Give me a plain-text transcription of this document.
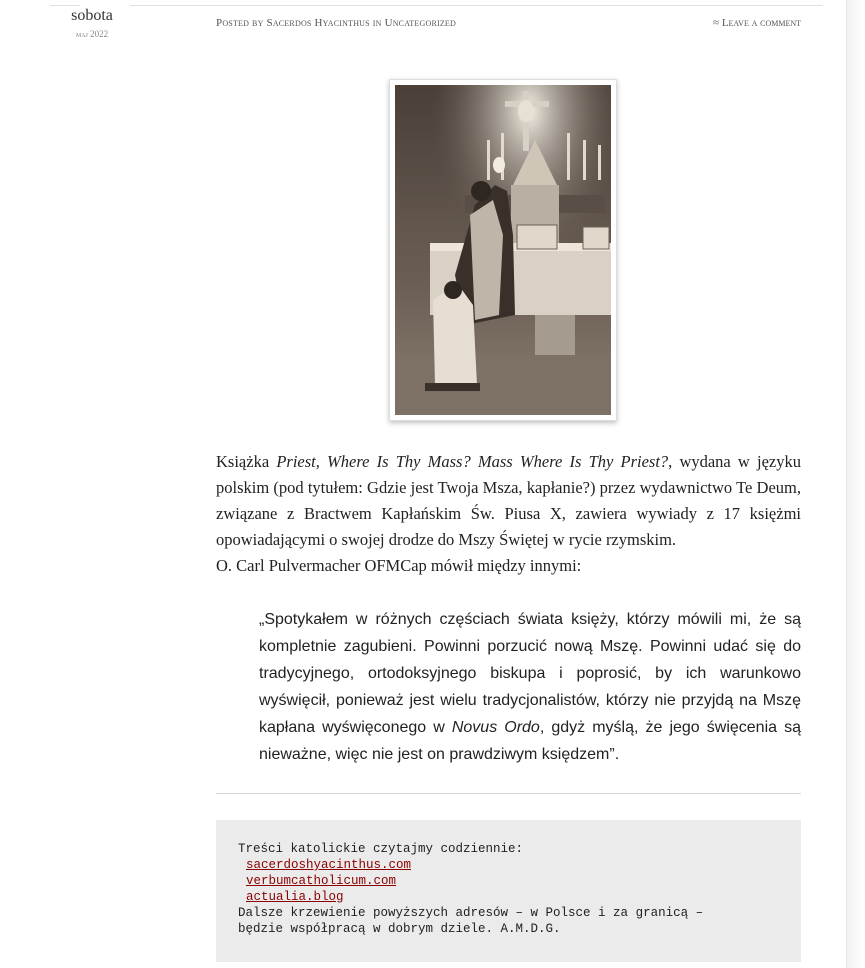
sobota
maj 2022
Posted by Sacerdos Hyacinthus in Uncategorized	≈ Leave a comment

Książka Priest, Where Is Thy Mass? Mass Where Is Thy Priest?, wydana w języku polskim (pod tytułem: Gdzie jest Twoja Msza, kapłanie?) przez wydawnictwo Te Deum, związane z Bractwem Kapłańskim Św. Piusa X, zawiera wywiady z 17 księżmi opowiadającymi o swojej drodze do Mszy Świętej w rycie rzymskim.

O. Carl Pulvermacher OFMCap mówił między innymi:

„Spotykałem w różnych częściach świata księży, którzy mówili mi, że są kompletnie zagubieni. Powinni porzucić nową Mszę. Powinni udać się do tradycyjnego, ortodoksyjnego biskupa i poprosić, by ich warunkowo wyświęcił, ponieważ jest wielu tradycjonalistów, którzy nie przyjdą na Mszę kapłana wyświęconego w Novus Ordo, gdyż myślą, że jego święcenia są nieważne, więc nie jest on prawdziwym księdzem”.
Treści katolickie czytajmy codziennie:
sacerdoshyacinthus.com
verbumcatholicum.com
actualia.blog
Dalsze krzewienie powyższych adresów – w Polsce i za granicą –
będzie współpracą w dobrym dziele. A.M.D.G.
